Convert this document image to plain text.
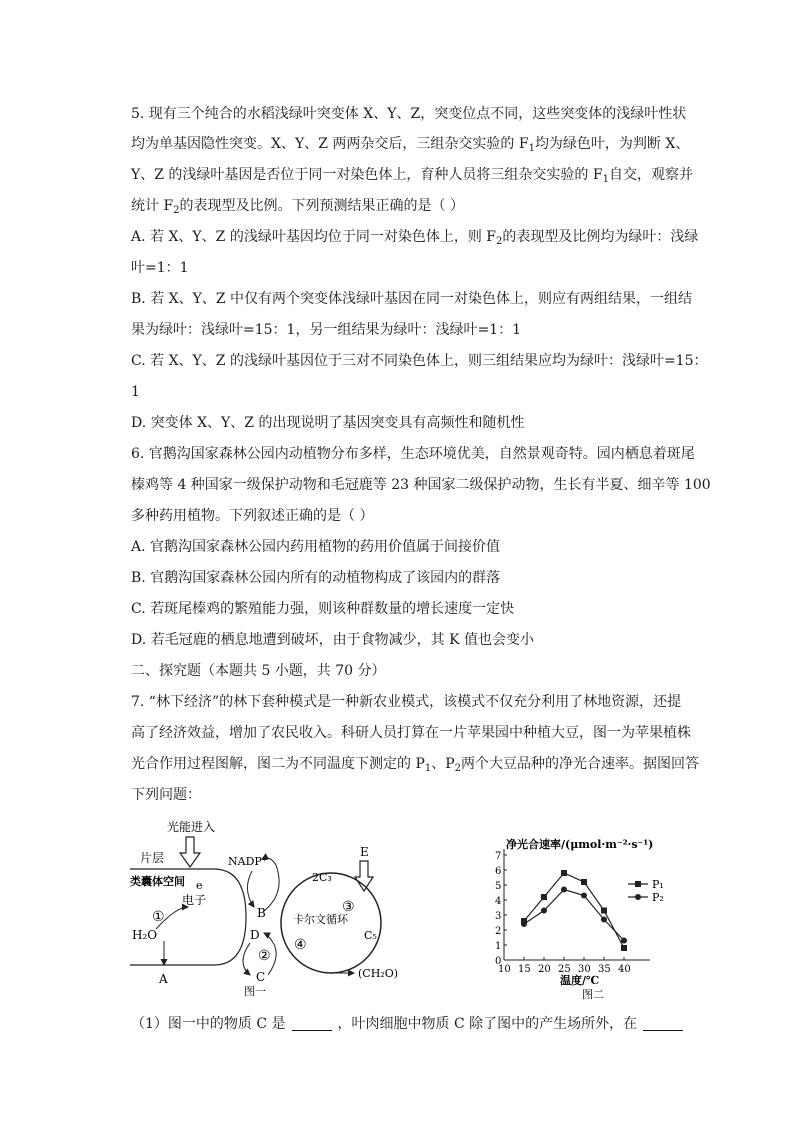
5. 现有三个纯合的水稻浅绿叶突变体 X、Y、Z，突变位点不同，这些突变体的浅绿叶性状
均为单基因隐性突变。X、Y、Z 两两杂交后，三组杂交实验的 $F_1$均为绿色叶，为判断 X、
Y、Z 的浅绿叶基因是否位于同一对染色体上，育种人员将三组杂交实验的 $F_1$自交，观察并
统计 $F_2$的表现型及比例。下列预测结果正确的是（ ）
A. 若 X、Y、Z 的浅绿叶基因均位于同一对染色体上，则 $F_2$的表现型及比例均为绿叶：浅绿
叶=1：1
B. 若 X、Y、Z 中仅有两个突变体浅绿叶基因在同一对染色体上，则应有两组结果，一组结
果为绿叶：浅绿叶=15：1，另一组结果为绿叶：浅绿叶=1：1
C. 若 X、Y、Z 的浅绿叶基因位于三对不同染色体上，则三组结果应均为绿叶：浅绿叶=15：
1
D. 突变体 X、Y、Z 的出现说明了基因突变具有高频性和随机性
6. 官鹅沟国家森林公园内动植物分布多样，生态环境优美，自然景观奇特。园内栖息着斑尾
榛鸡等 4 种国家一级保护动物和毛冠鹿等 23 种国家二级保护动物，生长有半夏、细辛等 100
多种药用植物。下列叙述正确的是（ ）
A. 官鹅沟国家森林公园内药用植物的药用价值属于间接价值
B. 官鹅沟国家森林公园内所有的动植物构成了该园内的群落
C. 若斑尾榛鸡的繁殖能力强，则该种群数量的增长速度一定快
D. 若毛冠鹿的栖息地遭到破坏，由于食物减少，其 K 值也会变小
二、探究题（本题共 5 小题，共 70 分）
7. “林下经济”的林下套种模式是一种新农业模式，该模式不仅充分利用了林地资源，还提
高了经济效益，增加了农民收入。科研人员打算在一片苹果园中种植大豆，图一为苹果植株
光合作用过程图解，图二为不同温度下测定的 $P_1$、$P_2$两个大豆品种的净光合速率。据图回答
下列问题：
光能进入
片层
类囊体空间 e
电子
①
H₂O
A
NADP⁺
B
D
②
C
卡尔文循环
2C₃
③
④
C₅
E
(CH₂O)
图一
净光合速率/(μmol·m⁻²·s⁻¹)
0
1
2
3
4
5
6
7
10 15 20 25 30 35 40
P₁
P₂
温度/℃
图二
（1）图一中的物质 C 是	，叶肉细胞中物质 C 除了图中的产生场所外，在
